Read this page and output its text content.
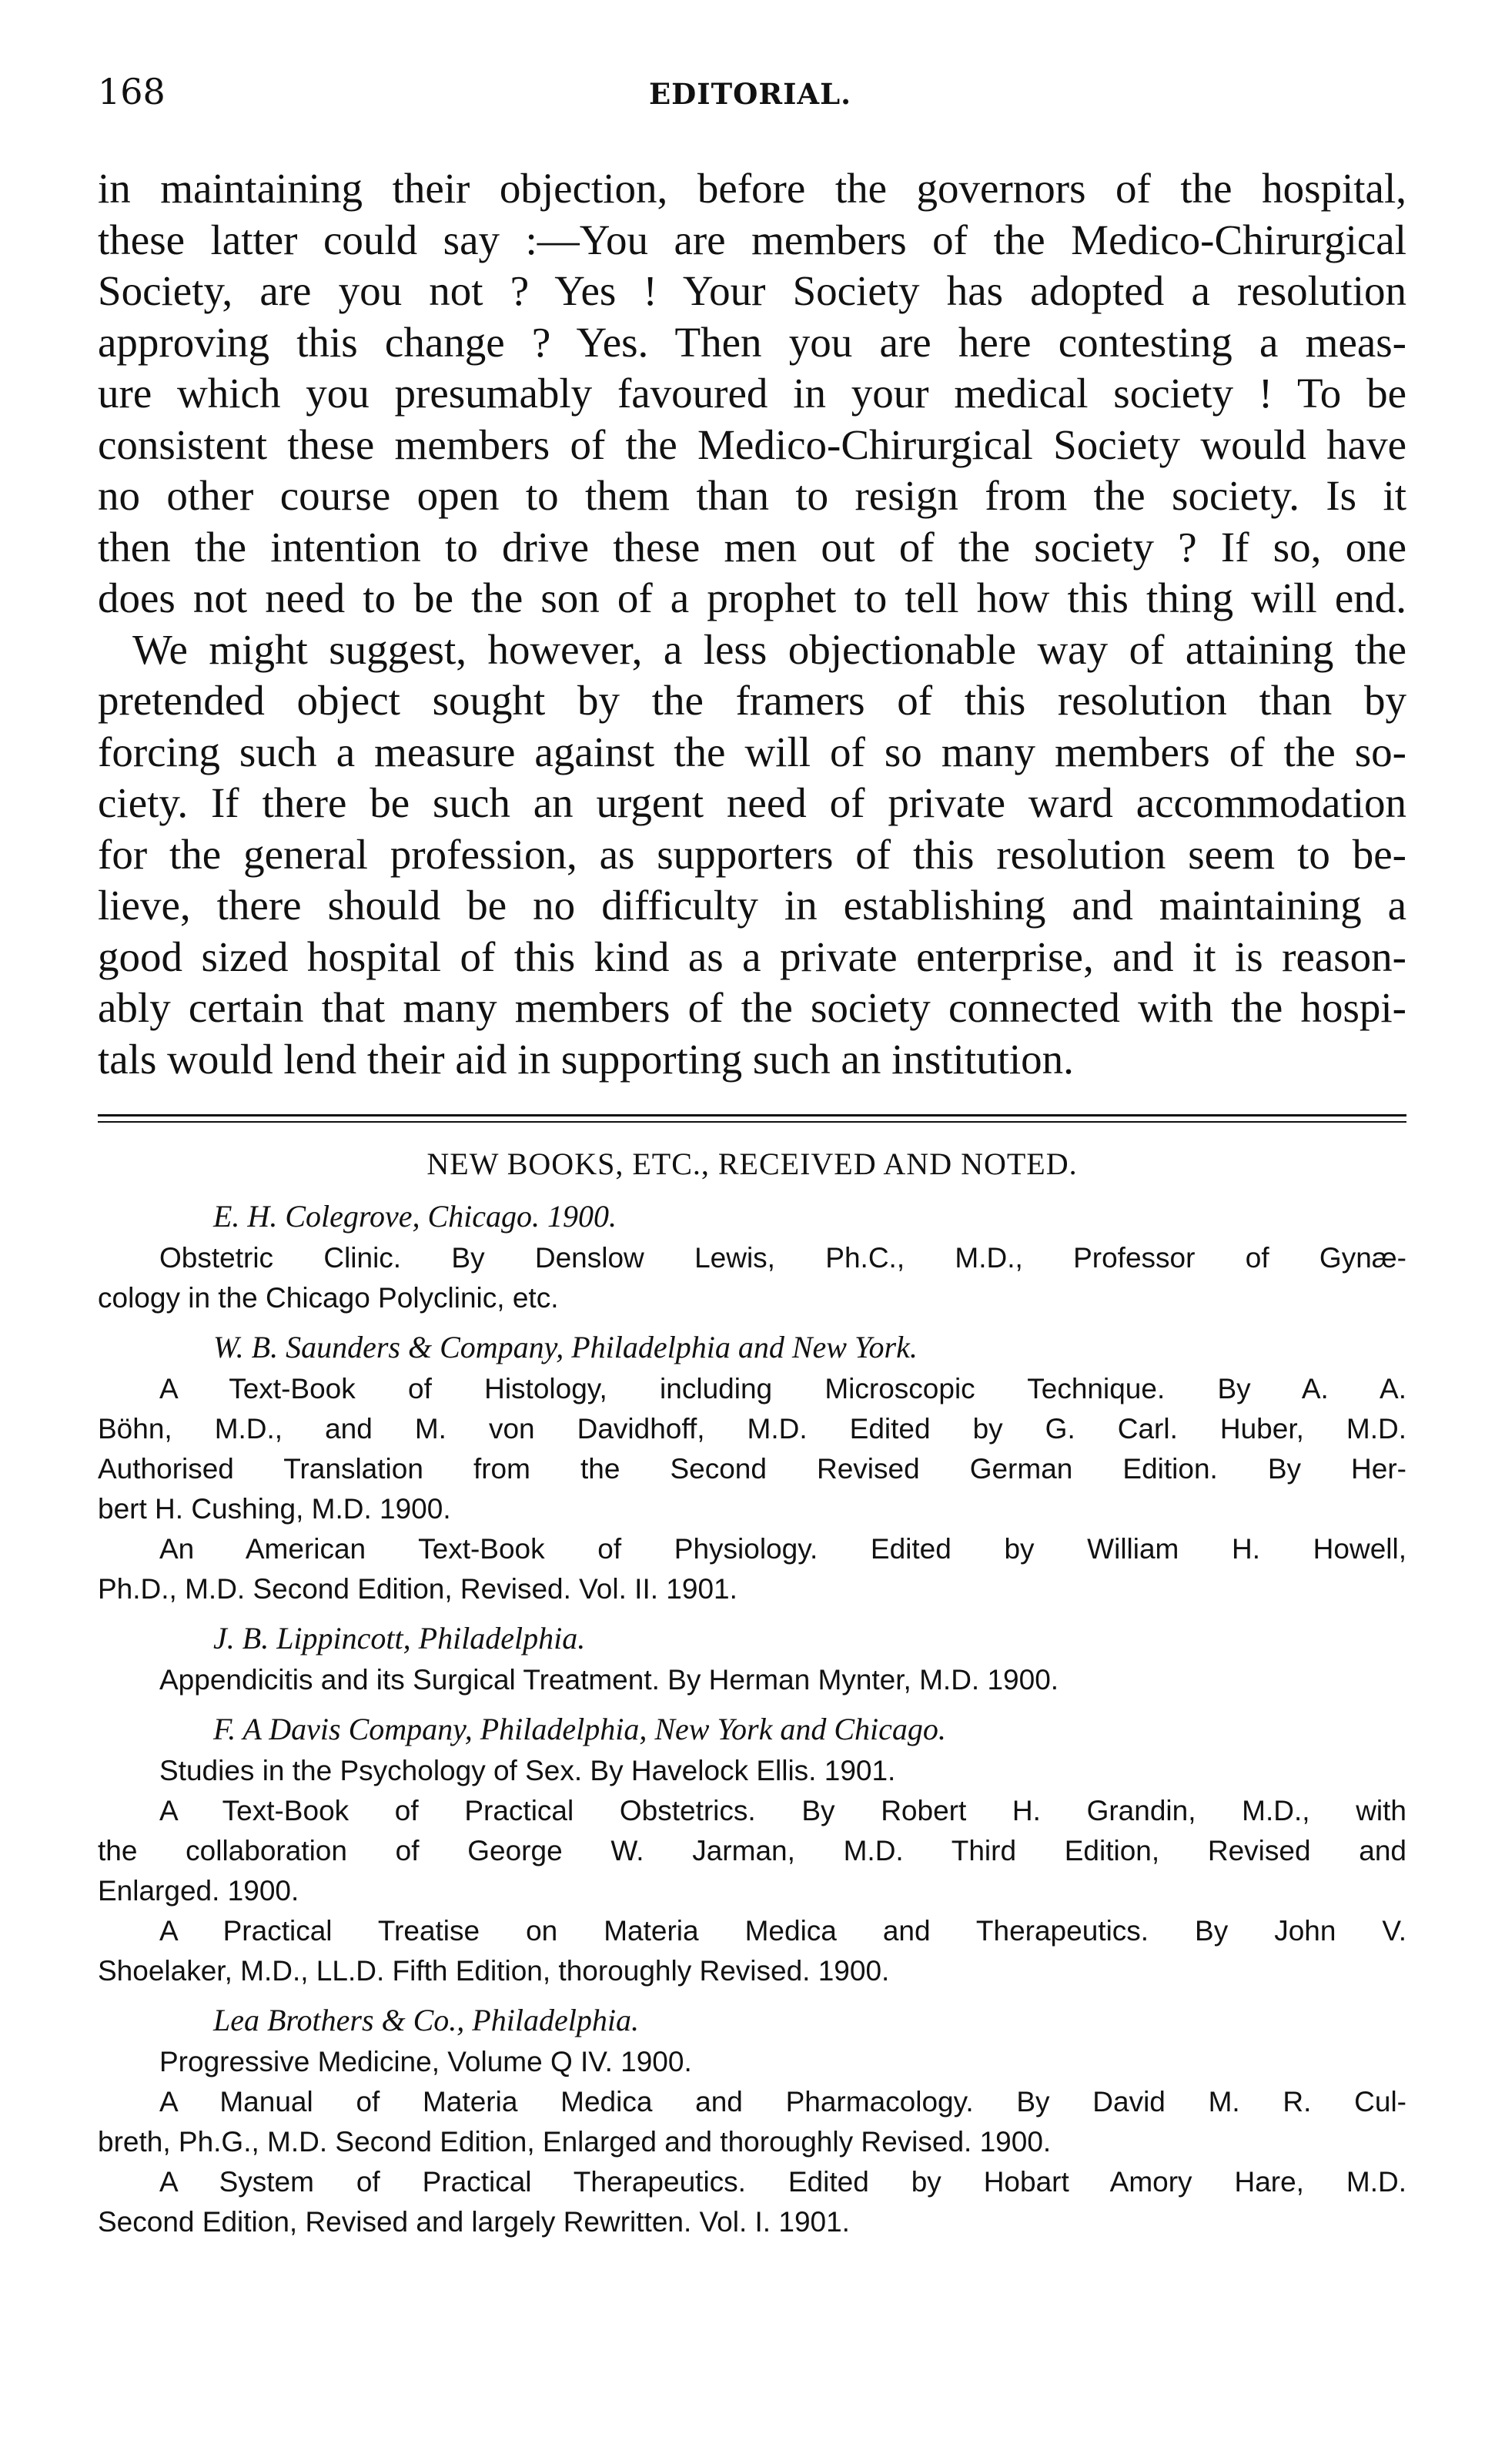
168	EDITORIAL.
in maintaining their objection, before the governors of the hospital,
these latter could say :—You are members of the Medico-Chirurgical
Society, are you not ? Yes ! Your Society has adopted a resolution
approving this change ? Yes. Then you are here contesting a meas-
ure which you presumably favoured in your medical society ! To be
consistent these members of the Medico-Chirurgical Society would have
no other course open to them than to resign from the society. Is it
then the intention to drive these men out of the society ? If so, one
does not need to be the son of a prophet to tell how this thing will end.
We might suggest, however, a less objectionable way of attaining the
pretended object sought by the framers of this resolution than by
forcing such a measure against the will of so many members of the so-
ciety. If there be such an urgent need of private ward accommodation
for the general profession, as supporters of this resolution seem to be-
lieve, there should be no difficulty in establishing and maintaining a
good sized hospital of this kind as a private enterprise, and it is reason-
ably certain that many members of the society connected with the hospi-
tals would lend their aid in supporting such an institution.
NEW BOOKS, ETC., RECEIVED AND NOTED.
E. H. Colegrove, Chicago. 1900.
Obstetric Clinic. By Denslow Lewis, Ph.C., M.D., Professor of Gynæ-
cology in the Chicago Polyclinic, etc.
W. B. Saunders & Company, Philadelphia and New York.
A Text-Book of Histology, including Microscopic Technique. By A. A.
Böhn, M.D., and M. von Davidhoff, M.D. Edited by G. Carl. Huber, M.D.
Authorised Translation from the Second Revised German Edition. By Her-
bert H. Cushing, M.D. 1900.
An American Text-Book of Physiology. Edited by William H. Howell,
Ph.D., M.D. Second Edition, Revised. Vol. II. 1901.
J. B. Lippincott, Philadelphia.
Appendicitis and its Surgical Treatment. By Herman Mynter, M.D. 1900.
F. A Davis Company, Philadelphia, New York and Chicago.
Studies in the Psychology of Sex. By Havelock Ellis. 1901.
A Text-Book of Practical Obstetrics. By Robert H. Grandin, M.D., with
the collaboration of George W. Jarman, M.D. Third Edition, Revised and
Enlarged. 1900.
A Practical Treatise on Materia Medica and Therapeutics. By John V.
Shoelaker, M.D., LL.D. Fifth Edition, thoroughly Revised. 1900.
Lea Brothers & Co., Philadelphia.
Progressive Medicine, Volume Q IV. 1900.
A Manual of Materia Medica and Pharmacology. By David M. R. Cul-
breth, Ph.G., M.D. Second Edition, Enlarged and thoroughly Revised. 1900.
A System of Practical Therapeutics. Edited by Hobart Amory Hare, M.D.
Second Edition, Revised and largely Rewritten. Vol. I. 1901.
